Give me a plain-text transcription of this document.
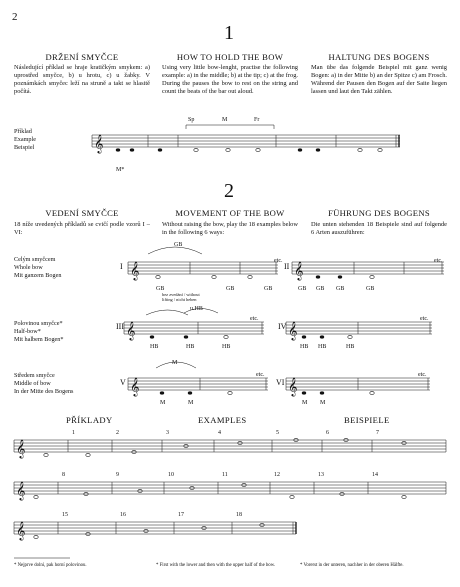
2
1
DRŽENÍ SMYČCE	HOW TO HOLD THE BOW	HALTUNG DES BOGENS
Následující příklad se hraje kratičkým smykem: a) uprostřed smyčce, b) u hrotu, c) u žabky. V poznámkách smyčec leží na struně a takt se hlasitě počítá.
Using very little bow-lenght, practise the following example: a) in the middle; b) at the tip; c) at the frog. During the pauses the bow to rest on the string and count the beats of the bar out aloud.
Man übe das folgende Beispiel mit ganz wenig Bogen: a) in der Mitte b) an der Spitze c) am Frosch. Während der Pausen den Bogen auf der Saite liegen lassen und laut den Takt zählen.
Příklad
Example
Beispiel
Sp	M	Fr
M*
2
VEDENÍ SMYČCE	MOVEMENT OF THE BOW	FÜHRUNG DES BOGENS
18 níže uvedených příkladů se cvičí podle vzorů I –VI:
Without raising the bow, play the 18 examples below in the following 6 ways:
Die unten stehenden 18 Beispiele sind auf folgende 6 Arten auszuführen:
Celým smyčcem
Whole bow
Mit ganzem Bogen
Polovinou smyčce*
Half-bow*
Mit halbem Bogen*
Středem smyčce
Middle of bow
In der Mitte des Bogens
I	II
III	IV
V	VI
GB
u.HB
bez zvedání / without lifting / nicht heben
M
GB	GB	GB	GB GB GB	GB
HB	HB	HB	HB HB	HB
M	M	M M
etc.	etc.
etc.	etc.
etc.	etc.
PŘÍKLADY	EXAMPLES	BEISPIELE
1	2	3	4	5	6	7
8	9	10	11	12	13	14
15	16	17	18
* Nejprve dolní, pak horní polovinou.	* First with the lower and then with the upper half of the bow.	* Vorerst in der unteren, nachher in der oberen Hälfte.
𝄞
𝄞	𝄞
𝄞	𝄞
𝄞	𝄞
𝄞
𝄞
𝄞
